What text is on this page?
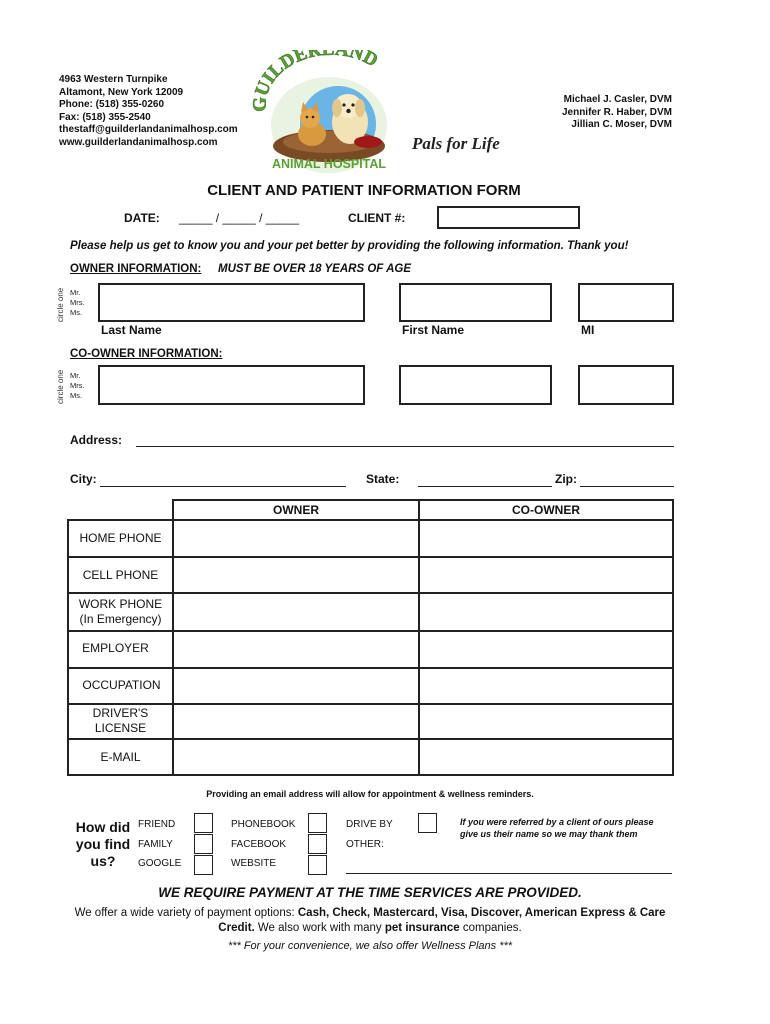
4963 Western Turnpike
Altamont, New York 12009
Phone: (518) 355-0260
Fax: (518) 355-2540
thestaff@guilderlandanimalhosp.com
www.guilderlandanimalhosp.com
GUILDER AND
ANIMAL HOSPITAL
Pals for Life
Michael J. Casler, DVM
Jennifer R. Haber, DVM
Jillian C. Moser, DVM
CLIENT AND PATIENT INFORMATION FORM
DATE: _____ / _____ / _____	CLIENT #:
Please help us get to know you and your pet better by providing the following information. Thank you!
OWNER INFORMATION: MUST BE OVER 18 YEARS OF AGE
circle one Mr.
Mrs.
Ms.
Last Name	First Name	MI
CO-OWNER INFORMATION:
circle one Mr.
Mrs.
Ms.
Address:
City:	State:	Zip:
OWNER	CO-OWNER
HOME PHONE
CELL PHONE
WORK PHONE
(In Emergency)
EMPLOYER
OCCUPATION
DRIVER'S
LICENSE
E-MAIL
Providing an email address will allow for appointment & wellness reminders.
How did you find us?
FRIEND
FAMILY
GOOGLE
PHONEBOOK
FACEBOOK
WEBSITE
DRIVE BY
OTHER:
If you were referred by a client of ours please give us their name so we may thank them
WE REQUIRE PAYMENT AT THE TIME SERVICES ARE PROVIDED.
We offer a wide variety of payment options: Cash, Check, Mastercard, Visa, Discover, American Express & Care
Credit. We also work with many pet insurance companies.
*** For your convenience, we also offer Wellness Plans ***
